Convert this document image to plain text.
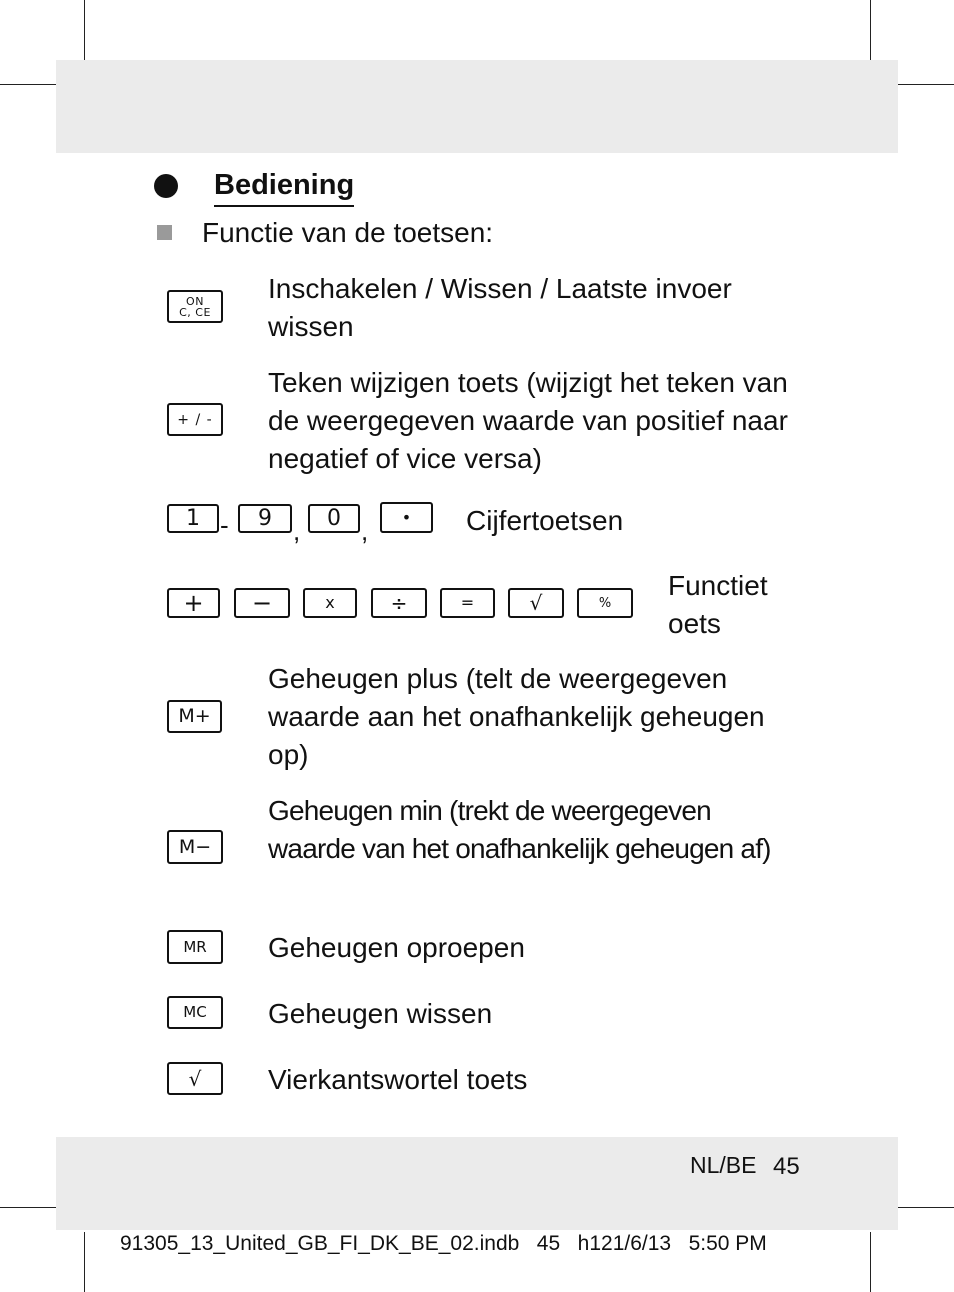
Bediening
Functie van de toetsen:
ON
C, CE
Inschakelen / Wissen / Laatste invoer wissen
+ / -
Teken wijzigen toets (wijzigt het teken van de weergegeven waarde van positief naar negatief of vice versa)
1 - 9 , 0 , • Cijfertoetsen
+ −	x	÷	=	√	%
Functiet oets
M+
Geheugen plus (telt de weergegeven waarde aan het onafhankelijk geheugen op)
M−
Geheugen min (trekt de weergegeven waarde van het onafhankelijk geheugen af)
MR Geheugen oproepen
MC Geheugen wissen
√ Vierkantswortel toets
NL/BE 45
91305_13_United_GB_FI_DK_BE_02.indb   45   h121/6/13   5:50 PM
